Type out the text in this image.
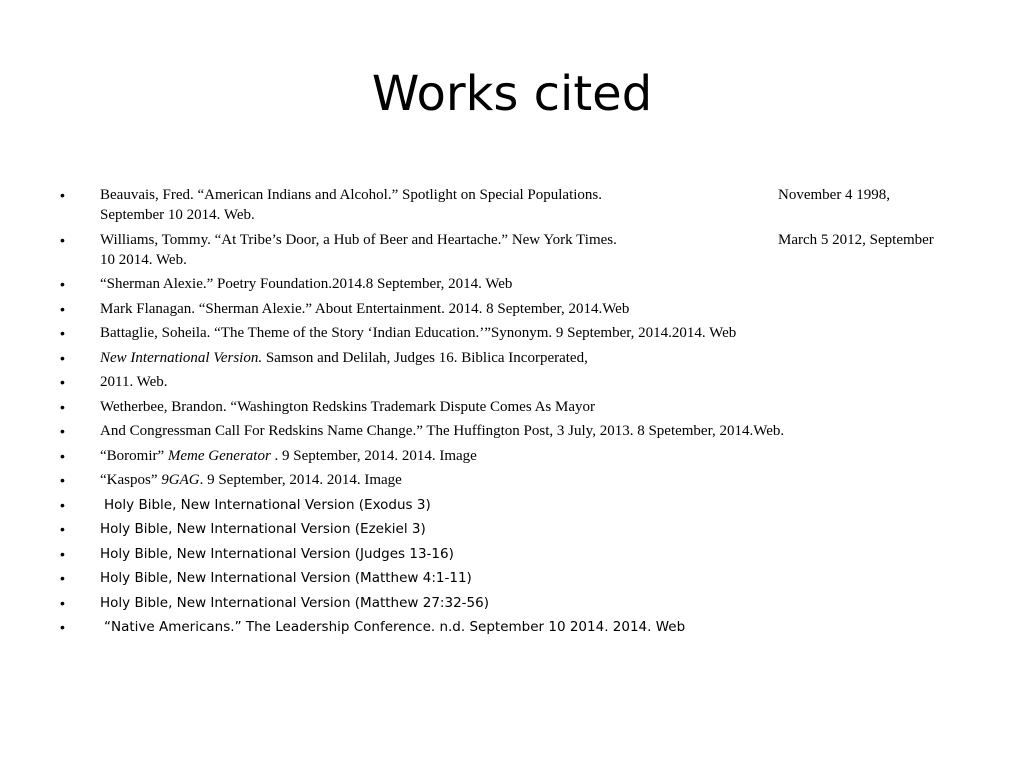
Works cited
• Beauvais, Fred. “American Indians and Alcohol.” Spotlight on Special Populations.	November 4 1998,
September 10 2014. Web.
• Williams, Tommy. “At Tribe’s Door, a Hub of Beer and Heartache.” New York Times.	March 5 2012, September
10 2014. Web.
• “Sherman Alexie.” Poetry Foundation.2014.8 September, 2014. Web
• Mark Flanagan. “Sherman Alexie.” About Entertainment. 2014. 8 September, 2014.Web
• Battaglie, Soheila. “The Theme of the Story ‘Indian Education.’”Synonym. 9 September, 2014.2014. Web
• New International Version. Samson and Delilah, Judges 16. Biblica Incorperated,
• 2011. Web.
• Wetherbee, Brandon. “Washington Redskins Trademark Dispute Comes As Mayor
• And Congressman Call For Redskins Name Change.” The Huffington Post, 3 July, 2013. 8 Spetember, 2014.Web.
• “Boromir” Meme Generator . 9 September, 2014. 2014. Image
• “Kaspos” 9GAG. 9 September, 2014. 2014. Image
•	Holy Bible, New International Version (Exodus 3)
•	Holy Bible, New International Version (Ezekiel 3)
•	Holy Bible, New International Version (Judges 13-16)
•	Holy Bible, New International Version (Matthew 4:1-11)
•	Holy Bible, New International Version (Matthew 27:32-56)
•	“Native Americans.” The Leadership Conference. n.d. September 10 2014. 2014. Web
